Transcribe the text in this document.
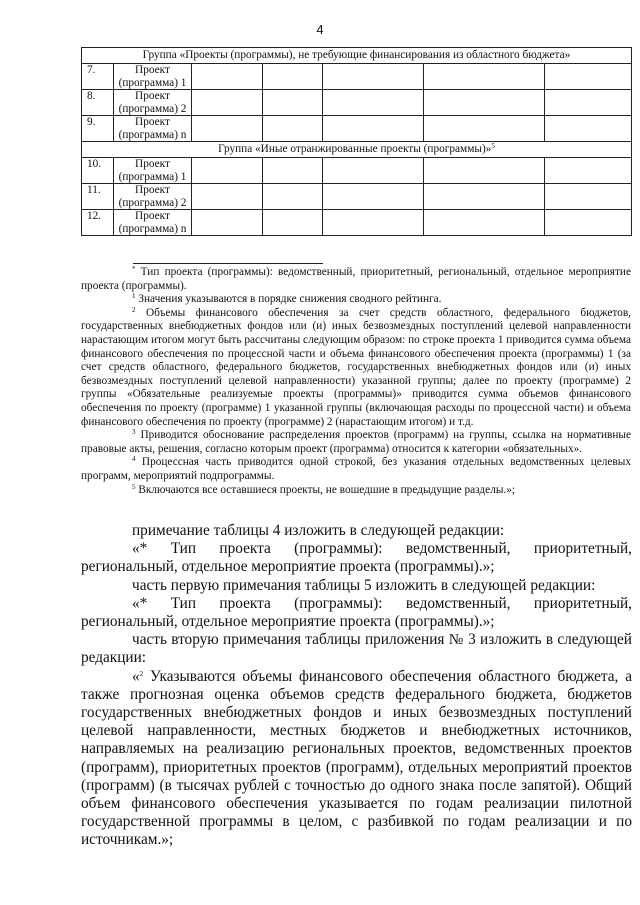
4
Группа «Проекты (программы), не требующие финансирования из областного бюджета»						
7.	Проект (программа) 1					
8.	Проект (программа) 2					
9.	Проект (программа) n					
Группа «Иные отранжированные проекты (программы)»$^5$
10.	Проект (программа) 1					
11.	Проект (программа) 2					
12.	Проект (программа) n					

* Тип проекта (программы): ведомственный, приоритетный, региональный, отдельное мероприятие проекта (программы).

$^1$ Значения указываются в порядке снижения сводного рейтинга.

$^2$ Объемы финансового обеспечения за счет средств областного, федерального бюджетов, государственных внебюджетных фондов или (и) иных безвозмездных поступлений целевой направленности нарастающим итогом могут быть рассчитаны следующим образом: по строке проекта 1 приводится сумма объема финансового обеспечения по процессной части и объема финансового обеспечения проекта (программы) 1 (за счет средств областного, федерального бюджетов, государственных внебюджетных фондов или (и) иных безвозмездных поступлений целевой направленности) указанной группы; далее по проекту (программе) 2 группы «Обязательные реализуемые проекты (программы)» приводится сумма объемов финансового обеспечения по проекту (программе) 1 указанной группы (включающая расходы по процессной части) и объема финансового обеспечения по проекту (программе) 2 (нарастающим итогом) и т.д.

$^3$ Приводится обоснование распределения проектов (программ) на группы, ссылка на нормативные правовые акты, решения, согласно которым проект (программа) относится к категории «обязательных».

$^4$ Процессная часть приводится одной строкой, без указания отдельных ведомственных целевых программ, мероприятий подпрограммы.

$^5$ Включаются все оставшиеся проекты, не вошедшие в предыдущие разделы.»;

примечание таблицы 4 изложить в следующей редакции:

«* Тип проекта (программы): ведомственный, приоритетный, региональный, отдельное мероприятие проекта (программы).»;

часть первую примечания таблицы 5 изложить в следующей редакции:

«* Тип проекта (программы): ведомственный, приоритетный, региональный, отдельное мероприятие проекта (программы).»;

часть вторую примечания таблицы приложения № 3 изложить в следующей редакции:

«$^2$ Указываются объемы финансового обеспечения областного бюджета, а также прогнозная оценка объемов средств федерального бюджета, бюджетов государственных внебюджетных фондов и иных безвозмездных поступлений целевой направленности, местных бюджетов и внебюджетных источников, направляемых на реализацию региональных проектов, ведомственных проектов (программ), приоритетных проектов (программ), отдельных мероприятий проектов (программ) (в тысячах рублей с точностью до одного знака после запятой). Общий объем финансового обеспечения указывается по годам реализации пилотной государственной программы в целом, с разбивкой по годам реализации и по источникам.»;
